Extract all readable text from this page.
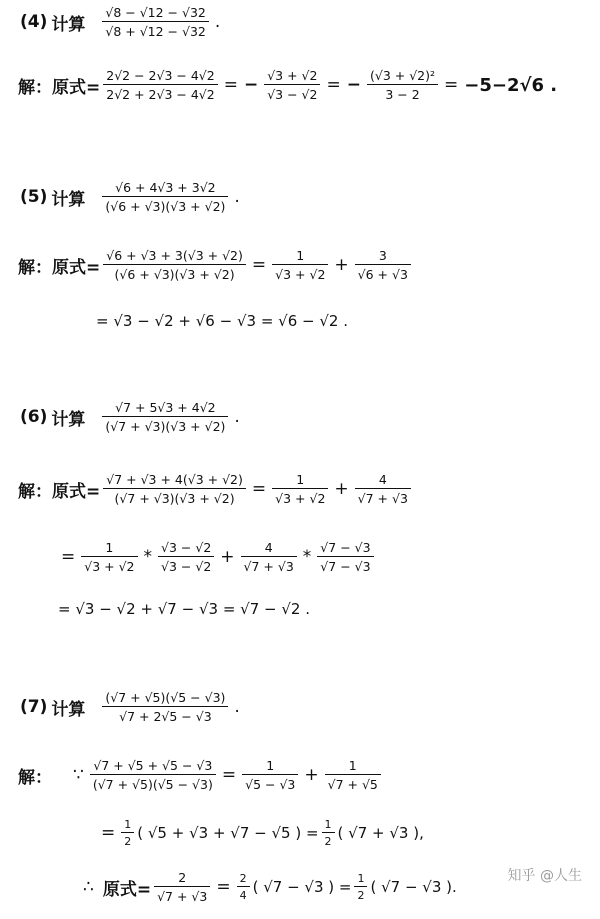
(4) 计算 $\frac{√8 - √12 - √32}{√8 + √12 - √32}$ .
解：原式= $\frac{2√2 - 2√3 - 4√2}{2√2 + 2√3 - 4√2}$ = − $\frac{√3 + √2}{√3 - √2}$ = − $\frac{\text{(√3 + √2)²}}{3 - 2} = -5-2√6$ .
(5) 计算 $\frac{√6 + 4√3 + 3√2}{(√6 + √3)(√3 + √2)}$ .
解：原式= $\frac{√6 + √3 + 3(√3 + √2)}{(√6 + √3)(√3 + √2)} = \frac{1}{√3 + √2} + \frac{3}{√6 + √3}$
= √3 − √2 + √6 − √3 = √6 − √2 .
(6) 计算 $\frac{√7 + 5√3 + 4√2}{(√7 + √3)(√3 + √2)}$ .
解：原式= $\frac{√7 + √3 + 4(√3 + √2)}{(√7 + √3)(√3 + √2)} = \frac{1}{√3 + √2} + \frac{4}{√7 + √3}$
= $\frac{1}{√3 + √2} * \frac{√3 - √2}{√3 - √2} + \frac{4}{√7 + √3} * \frac{√7 - √3}{√7 - √3}$
= √3 − √2 + √7 − √3 = √7 − √2 .
(7) 计算 $\frac{(√7 + √5)(√5 - √3)}{√7 + 2√5 - √3}$ .
解： ∵ $\frac{√7 + √5 + √5 - √3}{(√7 + √5)(√5 - √3)} = \frac{1}{√5 - √3} + \frac{1}{√7 + √5}$
= $\frac{1}{2}$ ( √5 + √3 + √7 − √5 ) = $\frac{1}{2}$ ( √7 + √3 ),
∴ 原式= $\frac{2}{√7 + √3} = \frac{2}{4}$ ( √7 − √3 ) = $\frac{1}{2}$ ( √7 − √3 ).
知乎 @人生
